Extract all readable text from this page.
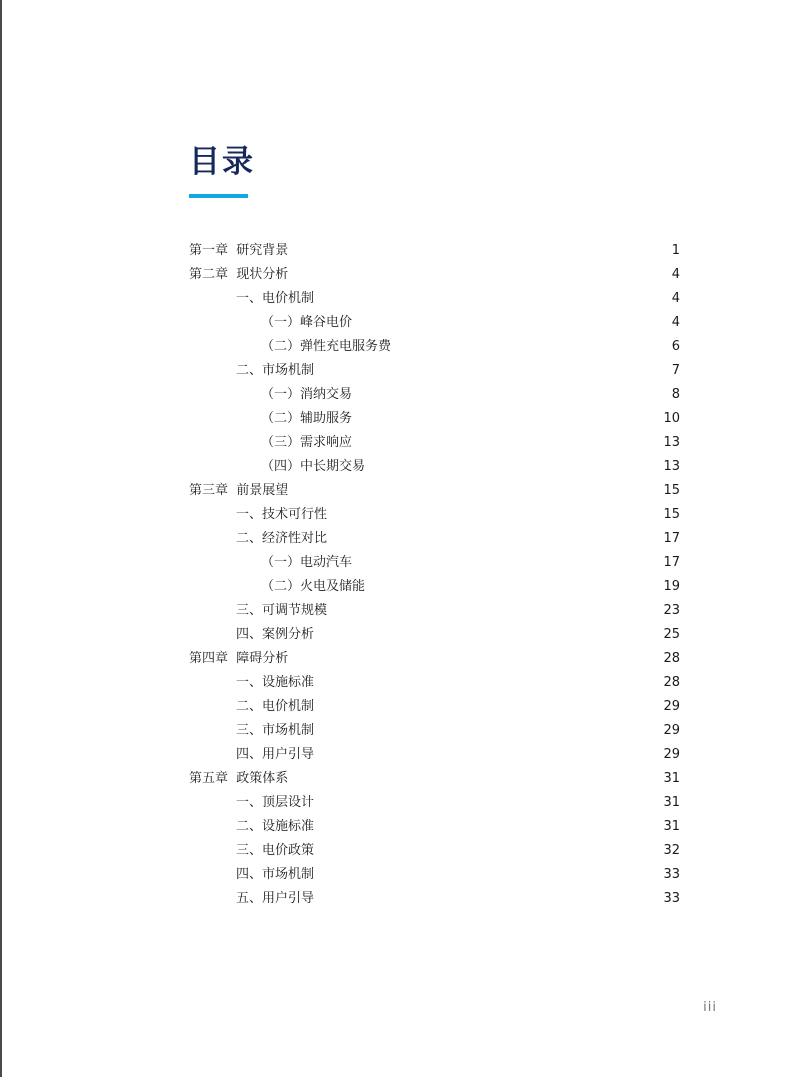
目录
第一章  研究背景	1
第二章  现状分析	4
一、电价机制	4
（一）峰谷电价	4
（二）弹性充电服务费	6
二、市场机制	7
（一）消纳交易	8
（二）辅助服务	10
（三）需求响应	13
（四）中长期交易	13
第三章  前景展望	15
一、技术可行性	15
二、经济性对比	17
（一）电动汽车	17
（二）火电及储能	19
三、可调节规模	23
四、案例分析	25
第四章  障碍分析	28
一、设施标准	28
二、电价机制	29
三、市场机制	29
四、用户引导	29
第五章  政策体系	31
一、顶层设计	31
二、设施标准	31
三、电价政策	32
四、市场机制	33
五、用户引导	33
iii
